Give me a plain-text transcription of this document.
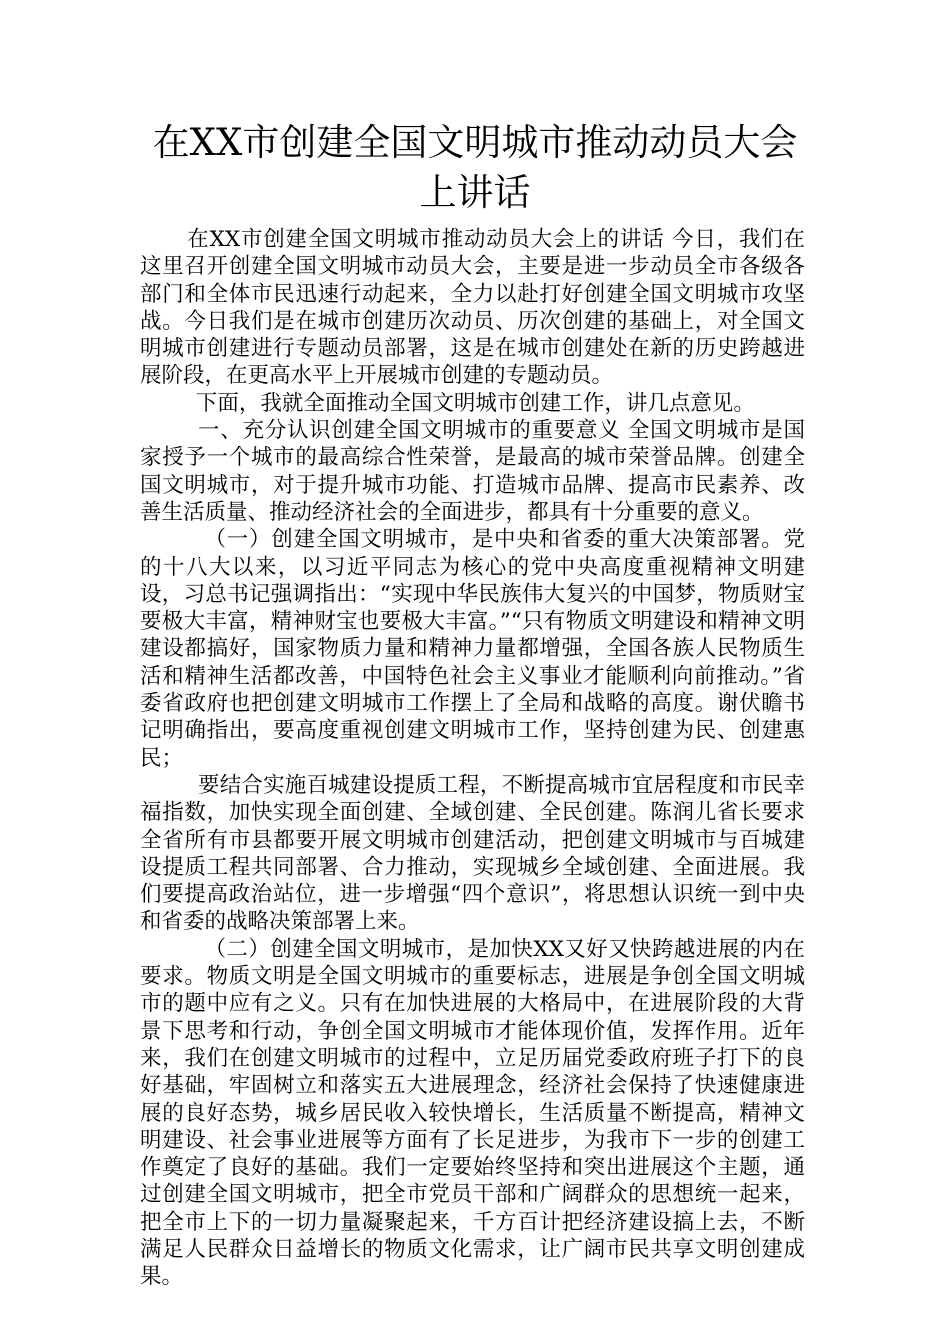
在XX市创建全国文明城市推动动员大会上讲话

在XX市创建全国文明城市推动动员大会上的讲话 今日，我们在这里召开创建全国文明城市动员大会，主要是进一步动员全市各级各部门和全体市民迅速行动起来，全力以赴打好创建全国文明城市攻坚战。今日我们是在城市创建历次动员、历次创建的基础上，对全国文明城市创建进行专题动员部署，这是在城市创建处在新的历史跨越进展阶段，在更高水平上开展城市创建的专题动员。

下面，我就全面推动全国文明城市创建工作，讲几点意见。

一、充分认识创建全国文明城市的重要意义 全国文明城市是国家授予一个城市的最高综合性荣誉，是最高的城市荣誉品牌。创建全国文明城市，对于提升城市功能、打造城市品牌、提高市民素养、改善生活质量、推动经济社会的全面进步，都具有十分重要的意义。

（一）创建全国文明城市，是中央和省委的重大决策部署。党的十八大以来，以习近平同志为核心的党中央高度重视精神文明建设，习总书记强调指出：“实现中华民族伟大复兴的中国梦，物质财宝要极大丰富，精神财宝也要极大丰富。”“只有物质文明建设和精神文明建设都搞好，国家物质力量和精神力量都增强，全国各族人民物质生活和精神生活都改善，中国特色社会主义事业才能顺利向前推动。”省委省政府也把创建文明城市工作摆上了全局和战略的高度。谢伏瞻书记明确指出，要高度重视创建文明城市工作，坚持创建为民、创建惠民；

要结合实施百城建设提质工程，不断提高城市宜居程度和市民幸福指数，加快实现全面创建、全域创建、全民创建。陈润儿省长要求全省所有市县都要开展文明城市创建活动，把创建文明城市与百城建设提质工程共同部署、合力推动，实现城乡全域创建、全面进展。我们要提高政治站位，进一步增强“四个意识”，将思想认识统一到中央和省委的战略决策部署上来。

（二）创建全国文明城市，是加快XX又好又快跨越进展的内在要求。物质文明是全国文明城市的重要标志，进展是争创全国文明城市的题中应有之义。只有在加快进展的大格局中，在进展阶段的大背景下思考和行动，争创全国文明城市才能体现价值，发挥作用。近年来，我们在创建文明城市的过程中，立足历届党委政府班子打下的良好基础，牢固树立和落实五大进展理念，经济社会保持了快速健康进展的良好态势，城乡居民收入较快增长，生活质量不断提高，精神文明建设、社会事业进展等方面有了长足进步，为我市下一步的创建工作奠定了良好的基础。我们一定要始终坚持和突出进展这个主题，通过创建全国文明城市，把全市党员干部和广阔群众的思想统一起来，把全市上下的一切力量凝聚起来，千方百计把经济建设搞上去，不断满足人民群众日益增长的物质文化需求，让广阔市民共享文明创建成果。
